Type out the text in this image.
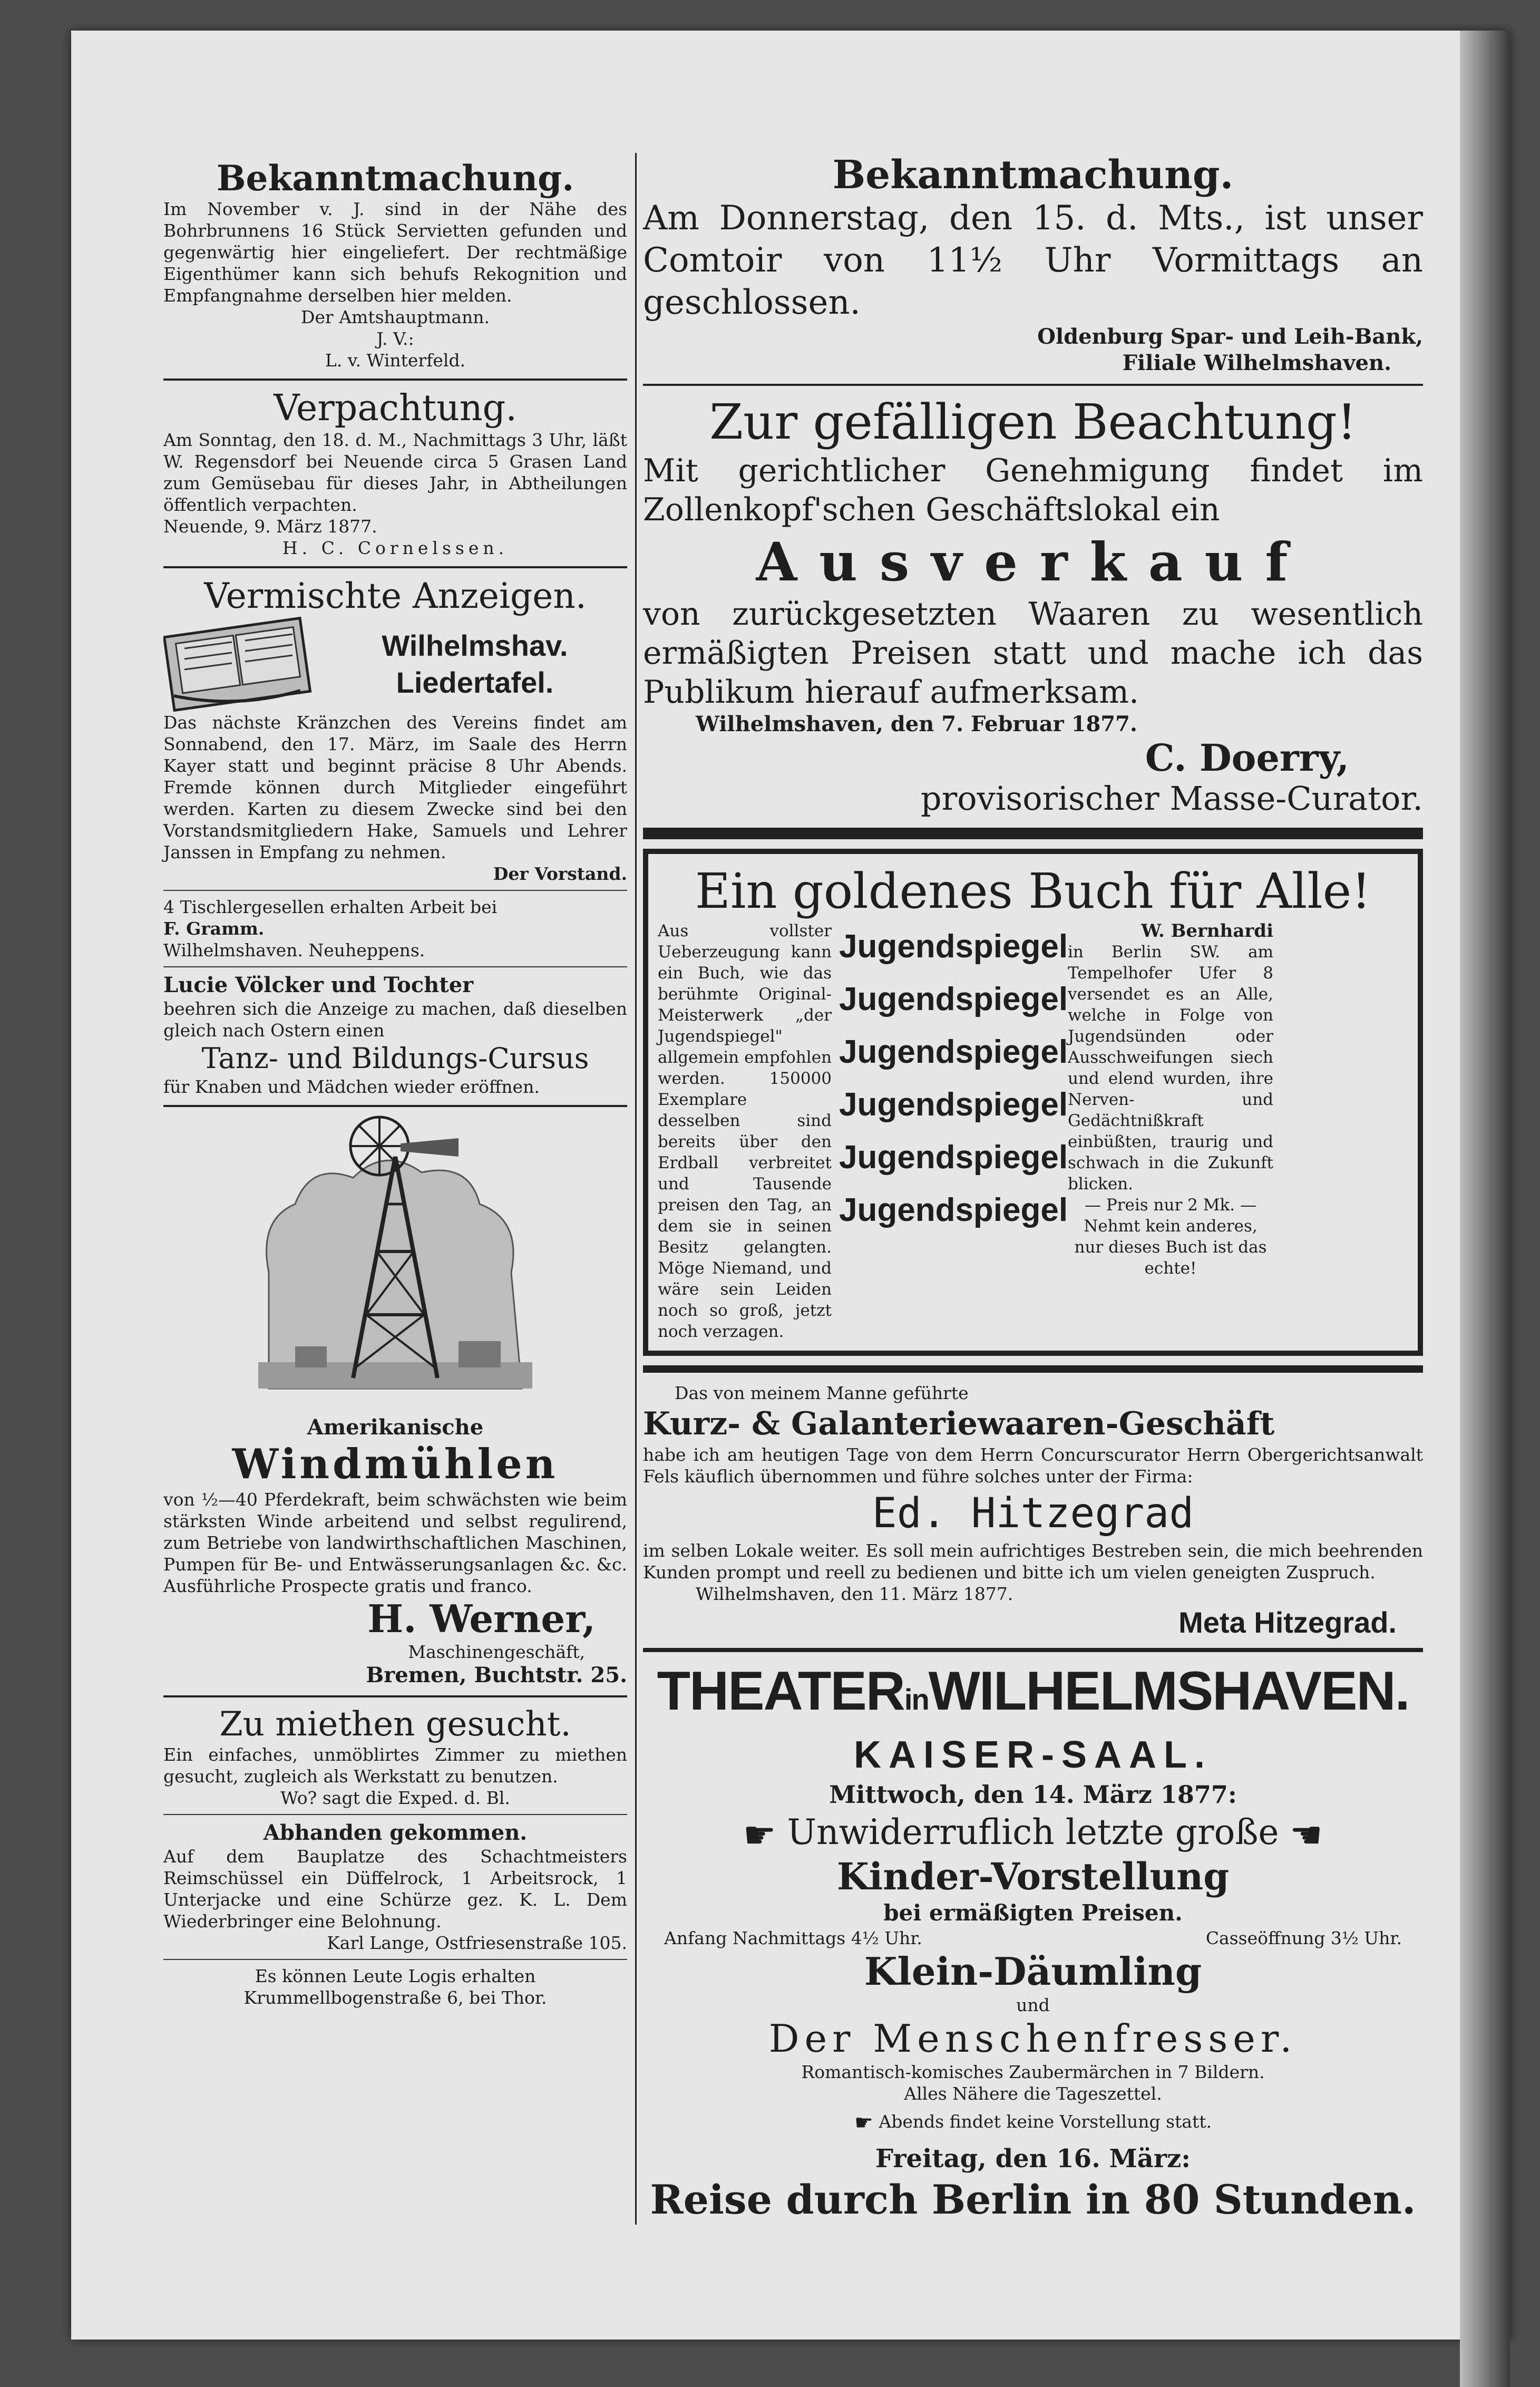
Bekanntmachung.

Im November v. J. sind in der Nähe des Bohrbrunnens 16 Stück Servietten gefunden und gegenwärtig hier eingeliefert. Der rechtmäßige Eigenthümer kann sich behufs Rekognition und Empfangnahme derselben hier melden.

Der Amtshauptmann.

J. V.:

L. v. Winterfeld.

Verpachtung.

Am Sonntag, den 18. d. M., Nachmittags 3 Uhr, läßt W. Regensdorf bei Neuende circa 5 Grasen Land zum Gemüsebau für dieses Jahr, in Abtheilungen öffentlich verpachten.

Neuende, 9. März 1877.

H. C. Cornelssen.

Vermischte Anzeigen.

Wilhelmshav.

Liedertafel.

Das nächste Kränzchen des Vereins findet am Sonnabend, den 17. März, im Saale des Herrn Kayer statt und beginnt präcise 8 Uhr Abends. Fremde können durch Mitglieder eingeführt werden. Karten zu diesem Zwecke sind bei den Vorstandsmitgliedern Hake, Samuels und Lehrer Janssen in Empfang zu nehmen.

Der Vorstand.

4 Tischlergesellen erhalten Arbeit bei

F. Gramm.

Wilhelmshaven. Neuheppens.

Lucie Völcker und Tochter

beehren sich die Anzeige zu machen, daß dieselben gleich nach Ostern einen

Tanz- und Bildungs-Cursus

für Knaben und Mädchen wieder eröffnen.

Amerikanische

Windmühlen

von ½—40 Pferdekraft, beim schwächsten wie beim stärksten Winde arbeitend und selbst regulirend, zum Betriebe von landwirthschaftlichen Maschinen, Pumpen für Be- und Entwässerungsanlagen &c. &c. Ausführliche Prospecte gratis und franco.

H. Werner,

Maschinengeschäft,

Bremen, Buchtstr. 25.

Zu miethen gesucht.

Ein einfaches, unmöblirtes Zimmer zu miethen gesucht, zugleich als Werkstatt zu benutzen.

Wo? sagt die Exped. d. Bl.

Abhanden gekommen.

Auf dem Bauplatze des Schachtmeisters Reimschüssel ein Düffelrock, 1 Arbeitsrock, 1 Unterjacke und eine Schürze gez. K. L. Dem Wiederbringer eine Belohnung.

Karl Lange, Ostfriesenstraße 105.

Es können Leute Logis erhalten

Krummellbogenstraße 6, bei Thor.

Bekanntmachung.

Am Donnerstag, den 15. d. Mts., ist unser Comtoir von 11½ Uhr Vormittags an geschlossen.

Oldenburg Spar- und Leih-Bank,

Filiale Wilhelmshaven.

Zur gefälligen Beachtung!

Mit gerichtlicher Genehmigung findet im Zollenkopf'schen Geschäftslokal ein

Ausverkauf

von zurückgesetzten Waaren zu wesentlich ermäßigten Preisen statt und mache ich das Publikum hierauf aufmerksam.

Wilhelmshaven, den 7. Februar 1877.

C. Doerry,

provisorischer Masse-Curator.

Ein goldenes Buch für Alle!

Aus vollster Ueberzeugung kann ein Buch, wie das berühmte Original-Meisterwerk „der Jugendspiegel" allgemein empfohlen werden. 150000 Exemplare desselben sind bereits über den Erdball verbreitet und Tausende preisen den Tag, an dem sie in seinen Besitz gelangten. Möge Niemand, und wäre sein Leiden noch so groß, jetzt noch verzagen.

Jugendspiegel

Jugendspiegel

Jugendspiegel

Jugendspiegel

Jugendspiegel

Jugendspiegel

W. Bernhardi

in Berlin SW. am Tempelhofer Ufer 8 versendet es an Alle, welche in Folge von Jugendsünden oder Ausschweifungen siech und elend wurden, ihre Nerven- und Gedächtnißkraft einbüßten, traurig und schwach in die Zukunft blicken.

— Preis nur 2 Mk. —

Nehmt kein anderes, nur dieses Buch ist das echte!

Das von meinem Manne geführte

Kurz- & Galanteriewaaren-Geschäft

habe ich am heutigen Tage von dem Herrn Concurscurator Herrn Obergerichtsanwalt Fels käuflich übernommen und führe solches unter der Firma:

Ed. Hitzegrad

im selben Lokale weiter. Es soll mein aufrichtiges Bestreben sein, die mich beehrenden Kunden prompt und reell zu bedienen und bitte ich um vielen geneigten Zuspruch.

Wilhelmshaven, den 11. März 1877.

Meta Hitzegrad.

THEATERinWILHELMSHAVEN.

KAISER-SAAL.

Mittwoch, den 14. März 1877:

☛ Unwiderruflich letzte große ☛

Kinder-Vorstellung

bei ermäßigten Preisen.

Anfang Nachmittags 4½ Uhr.	Casseöffnung 3½ Uhr.

Klein-Däumling

und

Der Menschenfresser.

Romantisch-komisches Zaubermärchen in 7 Bildern.

Alles Nähere die Tageszettel.

☛ Abends findet keine Vorstellung statt.

Freitag, den 16. März:

Reise durch Berlin in 80 Stunden.
